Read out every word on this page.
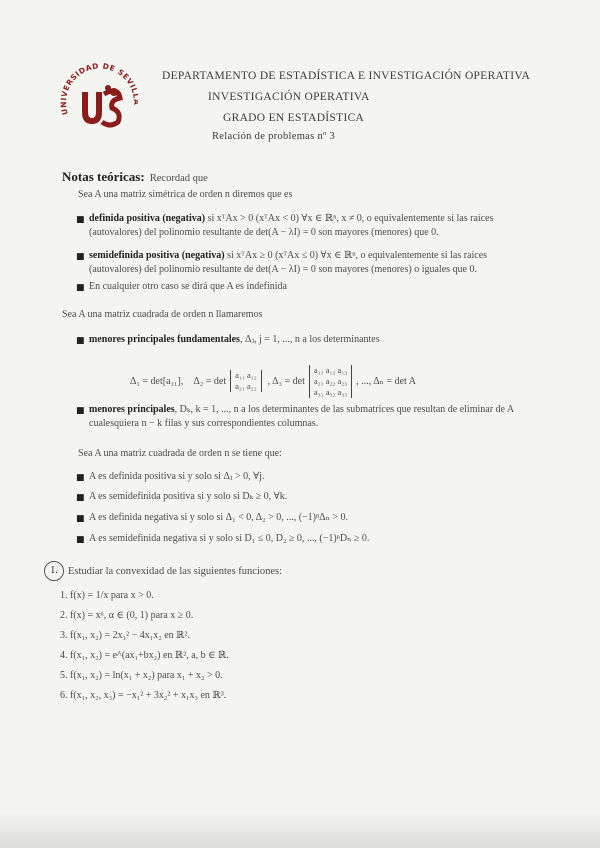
U VERSIDAD DE SEVI
DEPARTAMENTO DE ESTADÍSTICA E INVESTIGACIÓN OPERATIVA
INVESTIGACIÓN OPERATIVA
GRADO EN ESTADÍSTICA
Relación de problemas nº 3
Notas teóricas: Recordad que
Sea A una matriz simétrica de orden n diremos que es
■ definida positiva (negativa) si xᵀAx > 0 (xᵀAx < 0) ∀x ∈ ℝⁿ, x ≠ 0, o equivalentemente si las raíces
(autovalores) del polinomio resultante de det(A − λI) = 0 son mayores (menores) que 0.
■ semidefinida positiva (negativa) si xᵀAx ≥ 0 (xᵀAx ≤ 0) ∀x ∈ ℝⁿ, o equivalentemente si las raíces
(autovalores) del polinomio resultante de det(A − λI) = 0 son mayores (menores) o iguales que 0.
■ En cualquier otro caso se dirá que A es indefinida
Sea A una matriz cuadrada de orden n llamaremos
■ menores principales fundamentales, Δⱼ, j = 1, ..., n a los determinantes
Δ₁ = det[a₁₁], Δ₂ = det
a₁₁ a₁₂
a₂₁ a₂₂ , Δ₃ = det
a₁₁ a₁₂ a₁₃
a₂₁ a₂₂ a₂₃
a₃₁ a₃₂ a₃₃
, ..., Δₙ = det A
■ menores principales, Dₖ, k = 1, ..., n a los determinantes de las submatrices que resultan de eliminar de A
cualesquiera n − k filas y sus correspondientes columnas.
Sea A una matriz cuadrada de orden n se tiene que:
■ A es definida positiva si y solo si Δⱼ > 0, ∀j.
■ A es semidefinida positiva si y solo si Dₖ ≥ 0, ∀k.
■ A es definida negativa si y solo si Δ₁ < 0, Δ₂ > 0, ..., (−1)ⁿΔₙ > 0.
■ A es semidefinida negativa si y solo si D₁ ≤ 0, D₂ ≥ 0, ..., (−1)ⁿDₙ ≥ 0.
1. Estudiar la convexidad de las siguientes funciones:
1. f(x) = 1/x para x > 0.
2. f(x) = xᵅ, α ∈ (0, 1) para x ≥ 0.
3. f(x₁, x₂) = 2x₁² − 4x₁x₂ en ℝ².
4. f(x₁, x₂) = e^(ax₁+bx₂) en ℝ², a, b ∈ ℝ.
5. f(x₁, x₂) = ln(x₁ + x₂) para x₁ + x₂ > 0.
6. f(x₁, x₂, x₃) = −x₁² + 3x₂² + x₁x₃ en ℝ³.
